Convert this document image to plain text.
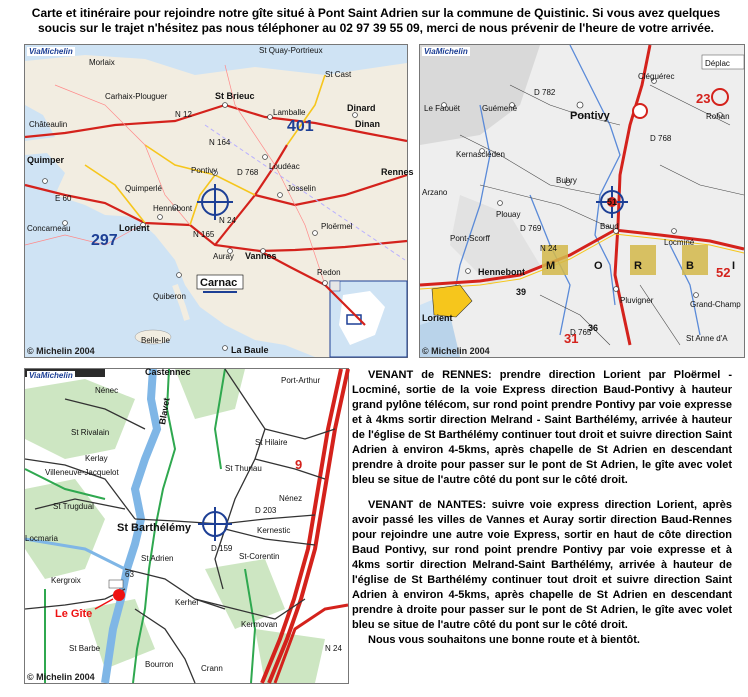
Carte et itinéraire pour rejoindre notre gîte situé à Pont Saint Adrien sur la commune de Quistinic. Si vous avez quelques soucis sur le trajet n'hésitez pas nous téléphoner au 02 97 39 55 09, merci de nous prévenir de l'heure de votre arrivée.
St Brieuc
Dinard
Lamballe
Dinan
Pontivy	Loudéac
Carhaix-Plouguer
Châteaulin
Quimperlé
Hennebont
Josselin
Lorient
Auray Vannes
Ploërmel
Carnac
Quiberon
Redon
Belle-Ile
La Baule
Concarneau
Quimper
Rennes
St Cast
St Quay-Portrieux
Morlaix
401
297
N 12
N 164
N 24
N 165
E 60
D 768
ViaMichelin
© Michelin 2004
M	O	R	B	I
Déplac
Pontivy
Guémené
Le Faouët
Kernascléden
Cléguérec
Rohan
Bubry
Plouay
Baud
Locminé
Hennebont
Pont-Scorff
Pluvigner	Grand-Champ
St Anne d'A
Arzano
Lorient
N 24
D 768
D 782
D 769
D 765
51
23
52
39
31
36
ViaMichelin
© Michelin 2004
Castennec
Port-Arthur
Nénec
St Rivalain
St Hilaire
Kerlay
St Thuriau
Villeneuve-Jacquelot
Nénez
St Trugdual
St Barthélémy	Kernestic
Locmaria
St Adrien	St-Corentin
Kergroix
Kerhel
Kermovan
Crann
Bourron
St Barbe
Blavet
Le Gîte
D 203
D 159
N 24
63
9
ViaMichelin
© Michelin 2004

VENANT de RENNES: prendre direction Lorient par Ploërmel - Locminé, sortie de la voie Express direction Baud-Pontivy à hauteur grand pylône télécom, sur rond point prendre Pontivy par voie expresse et à 4kms sortir direction Melrand - Saint Barthélémy, arrivée à hauteur de l'église de St Barthélémy continuer tout droit et suivre direction Saint Adrien à environ 4-5kms, après chapelle de St Adrien en descendant prendre à droite pour passer sur le pont de St Adrien, le gîte avec volet bleu se situe de l'autre côté du pont sur le côté droit.

VENANT de NANTES: suivre voie express direction Lorient, après avoir passé les villes de Vannes et Auray sortir direction Baud-Rennes pour rejoindre une autre voie Express, sortir en haut de côte direction Baud Pontivy, sur rond point prendre Pontivy par voie expresse et à 4kms sortir direction Melrand-Saint Barthélémy, arrivée à hauteur de l'église de St Barthélémy continuer tout droit et suivre direction Saint Adrien à environ 4-5kms, après chapelle de St Adrien en descendant prendre à droite pour passer sur le pont de St Adrien, le gîte avec volet bleu se situe de l'autre côté du pont sur le côté droit.

Nous vous souhaitons une bonne route et à bientôt.
